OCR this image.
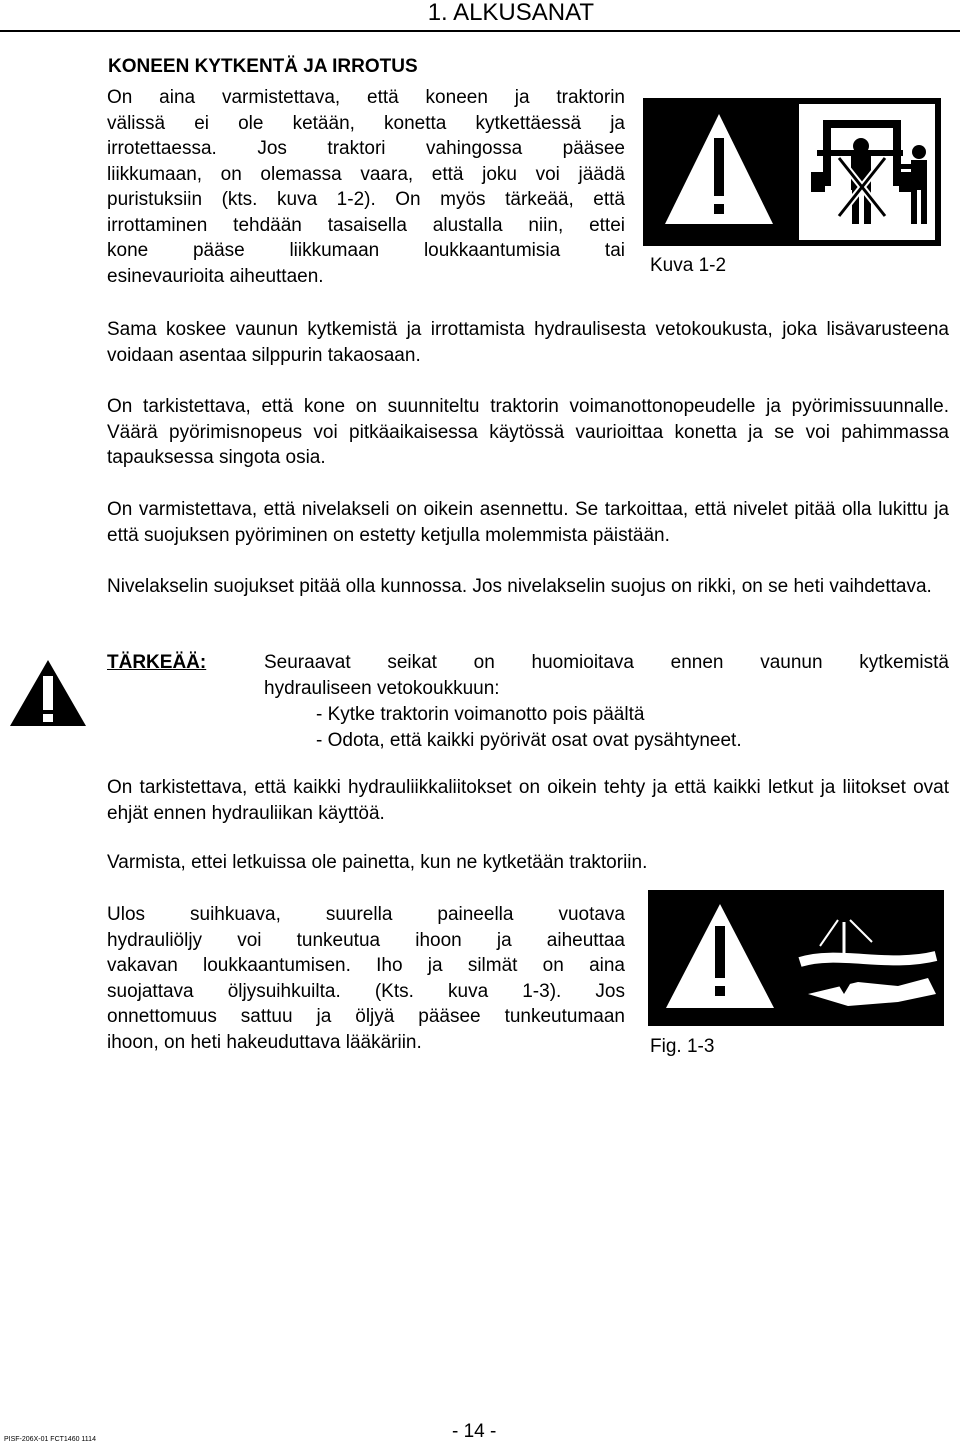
1. ALKUSANAT
KONEEN KYTKENTÄ JA IRROTUS
On aina varmistettava, että koneen ja traktorin
välissä ei ole ketään, konetta kytkettäessä ja
irrotettaessa. Jos traktori vahingossa pääsee
liikkumaan, on olemassa vaara, että joku voi jäädä
puristuksiin (kts. kuva 1-2). On myös tärkeää, että
irrottaminen tehdään tasaisella alustalla niin, ettei
kone pääse liikkumaan loukkaantumisia tai
esinevaurioita aiheuttaen.	Kuva 1-2
Sama koskee vaunun kytkemistä ja irrottamista hydraulisesta vetokoukusta, joka lisävarusteena voidaan asentaa silppurin takaosaan.
On tarkistettava, että kone on suunniteltu traktorin voimanottonopeudelle ja pyörimissuunnalle. Väärä pyörimisnopeus voi pitkäaikaisessa käytössä vaurioittaa konetta ja se voi pahimmassa tapauksessa singota osia.
On varmistettava, että nivelakseli on oikein asennettu. Se tarkoittaa, että nivelet pitää olla lukittu ja että suojuksen pyöriminen on estetty ketjulla molemmista päistään.
Nivelakselin suojukset pitää olla kunnossa. Jos nivelakselin suojus on rikki, on se heti vaihdettava.
TÄRKEÄÄ:	Seuraavat seikat on huomioitava ennen vaunun kytkemistä
hydrauliseen vetokoukkuun:
- Kytke traktorin voimanotto pois päältä
- Odota, että kaikki pyörivät osat ovat pysähtyneet.
On tarkistettava, että kaikki hydrauliikkaliitokset on oikein tehty ja että kaikki letkut ja liitokset ovat ehjät ennen hydrauliikan käyttöä.
Varmista, ettei letkuissa ole painetta, kun ne kytketään traktoriin.
Ulos suihkuava, suurella paineella vuotava
hydrauliöljy voi tunkeutua ihoon ja aiheuttaa
vakavan loukkaantumisen. Iho ja silmät on aina
suojattava öljysuihkuilta. (Kts. kuva 1-3). Jos
onnettomuus sattuu ja öljyä pääsee tunkeutumaan
ihoon, on heti hakeuduttava lääkäriin.	Fig. 1-3
PISF-206X-01 FCT1460 1114	- 14 -
